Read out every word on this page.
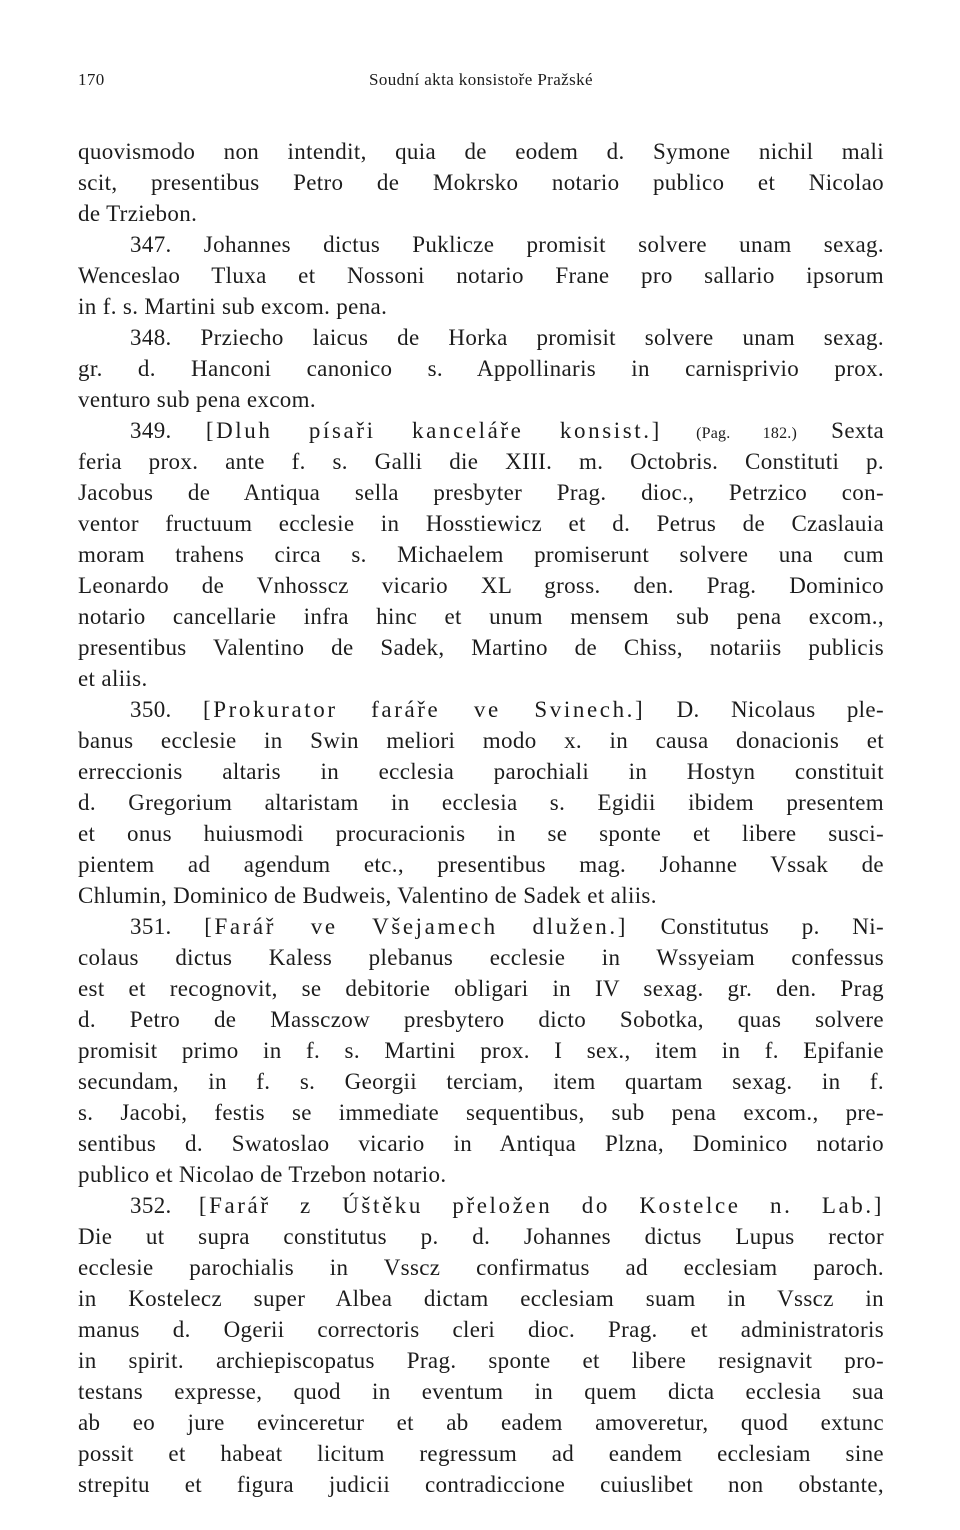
170	Soudní akta konsistoře Pražské
quovismodo non intendit, quia de eodem d. Symone nichil mali
scit, presentibus Petro de Mokrsko notario publico et Nicolao
de Trziebon.
347. Johannes dictus Puklicze promisit solvere unam sexag.
Wenceslao Tluxa et Nossoni notario Frane pro sallario ipsorum
in f. s. Martini sub excom. pena.
348. Prziecho laicus de Horka promisit solvere unam sexag.
gr. d. Hanconi canonico s. Appollinaris in carnisprivio prox.
venturo sub pena excom.
349. [Dluh písaři kanceláře konsist.] (Pag. 182.) Sexta
feria prox. ante f. s. Galli die XIII. m. Octobris. Constituti p.
Jacobus de Antiqua sella presbyter Prag. dioc., Petrzico con-
ventor fructuum ecclesie in Hosstiewicz et d. Petrus de Czaslauia
moram trahens circa s. Michaelem promiserunt solvere una cum
Leonardo de Vnhosscz vicario XL gross. den. Prag. Dominico
notario cancellarie infra hinc et unum mensem sub pena excom.,
presentibus Valentino de Sadek, Martino de Chiss, notariis publicis
et aliis.
350. [Prokurator faráře ve Svinech.] D. Nicolaus ple-
banus ecclesie in Swin meliori modo x. in causa donacionis et
erreccionis altaris in ecclesia parochiali in Hostyn constituit
d. Gregorium altaristam in ecclesia s. Egidii ibidem presentem
et onus huiusmodi procuracionis in se sponte et libere susci-
pientem ad agendum etc., presentibus mag. Johanne Vssak de
Chlumin, Dominico de Budweis, Valentino de Sadek et aliis.
351. [Farář ve Všejamech dlužen.] Constitutus p. Ni-
colaus dictus Kaless plebanus ecclesie in Wssyeiam confessus
est et recognovit, se debitorie obligari in IV sexag. gr. den. Prag
d. Petro de Massczow presbytero dicto Sobotka, quas solvere
promisit primo in f. s. Martini prox. I sex., item in f. Epifanie
secundam, in f. s. Georgii terciam, item quartam sexag. in f.
s. Jacobi, festis se immediate sequentibus, sub pena excom., pre-
sentibus d. Swatoslao vicario in Antiqua Plzna, Dominico notario
publico et Nicolao de Trzebon notario.
352. [Farář z Úštěku přeložen do Kostelce n. Lab.]
Die ut supra constitutus p. d. Johannes dictus Lupus rector
ecclesie parochialis in Vsscz confirmatus ad ecclesiam paroch.
in Kostelecz super Albea dictam ecclesiam suam in Vsscz in
manus d. Ogerii correctoris cleri dioc. Prag. et administratoris
in spirit. archiepiscopatus Prag. sponte et libere resignavit pro-
testans expresse, quod in eventum in quem dicta ecclesia sua
ab eo jure evinceretur et ab eadem amoveretur, quod extunc
possit et habeat licitum regressum ad eandem ecclesiam sine
strepitu et figura judicii contradiccione cuiuslibet non obstante,
